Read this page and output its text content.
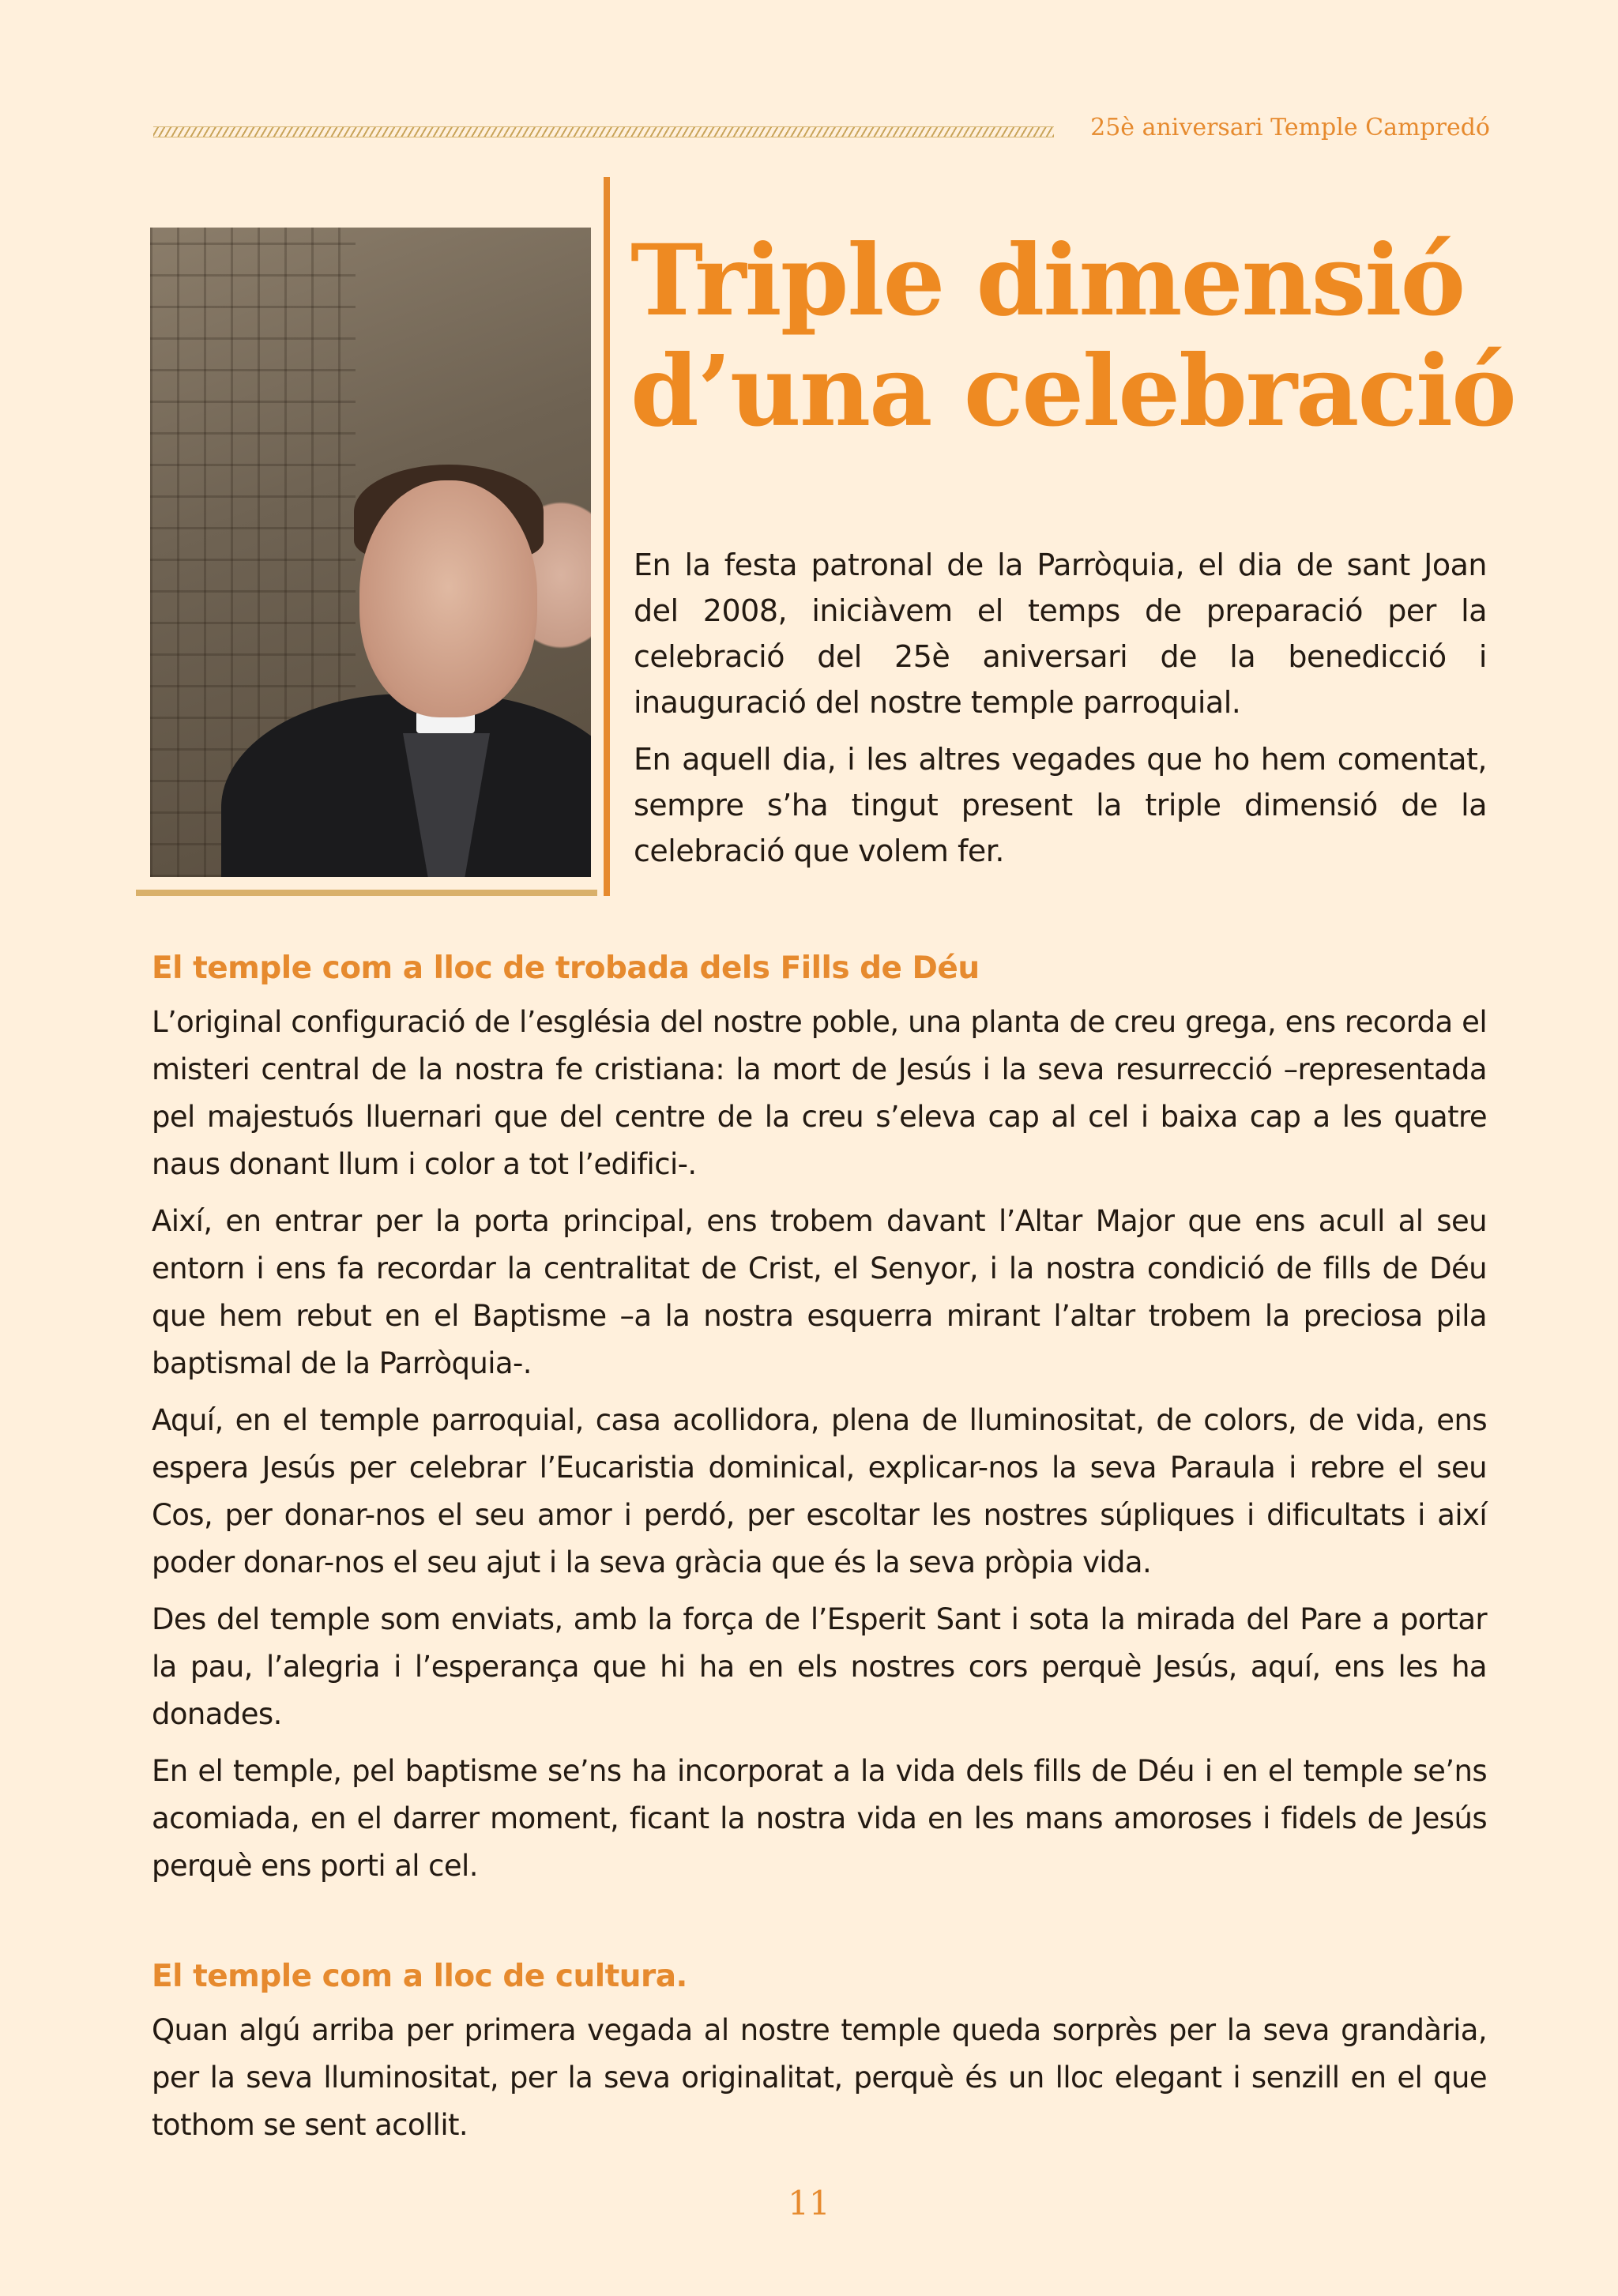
25è aniversari Temple Campredó
Triple dimensió
d’una celebració

En la festa patronal de la Parròquia, el dia de sant Joan del 2008, iniciàvem el temps de preparació per la celebració del 25è aniversari de la benedicció i inauguració del nostre temple parroquial.

En aquell dia, i les altres vegades que ho hem comentat, sempre s’ha tingut present la triple dimensió de la celebració que volem fer.

El temple com a lloc de trobada dels Fills de Déu

L’original configuració de l’església del nostre poble, una planta de creu grega, ens recorda el misteri central de la nostra fe cristiana: la mort de Jesús i la seva resurrecció –representada pel majestuós lluernari que del centre de la creu s’eleva cap al cel i baixa cap a les quatre naus donant llum i color a tot l’edifici-.

Així, en entrar per la porta principal, ens trobem davant l’Altar Major que ens acull al seu entorn i ens fa recordar la centralitat de Crist, el Senyor, i la nostra condició de fills de Déu que hem rebut en el Baptisme –a la nostra esquerra mirant l’altar trobem la preciosa pila baptismal de la Parròquia-.

Aquí, en el temple parroquial, casa acollidora, plena de lluminositat, de colors, de vida, ens espera Jesús per celebrar l’Eucaristia dominical, explicar-nos la seva Paraula i rebre el seu Cos, per donar-nos el seu amor i perdó, per escoltar les nostres súpliques i dificultats i així poder donar-nos el seu ajut i la seva gràcia que és la seva pròpia vida.

Des del temple som enviats, amb la força de l’Esperit Sant i sota la mirada del Pare a portar la pau, l’alegria i l’esperança que hi ha en els nostres cors perquè Jesús, aquí, ens les ha donades.

En el temple, pel baptisme se’ns ha incorporat a la vida dels fills de Déu i en el temple se’ns acomiada, en el darrer moment, ficant la nostra vida en les mans amoroses i fidels de Jesús perquè ens porti al cel.

El temple com a lloc de cultura.

Quan algú arriba per primera vegada al nostre temple queda sorprès per la seva grandària, per la seva lluminositat, per la seva originalitat, perquè és un lloc elegant i senzill en el que tothom se sent acollit.

11
